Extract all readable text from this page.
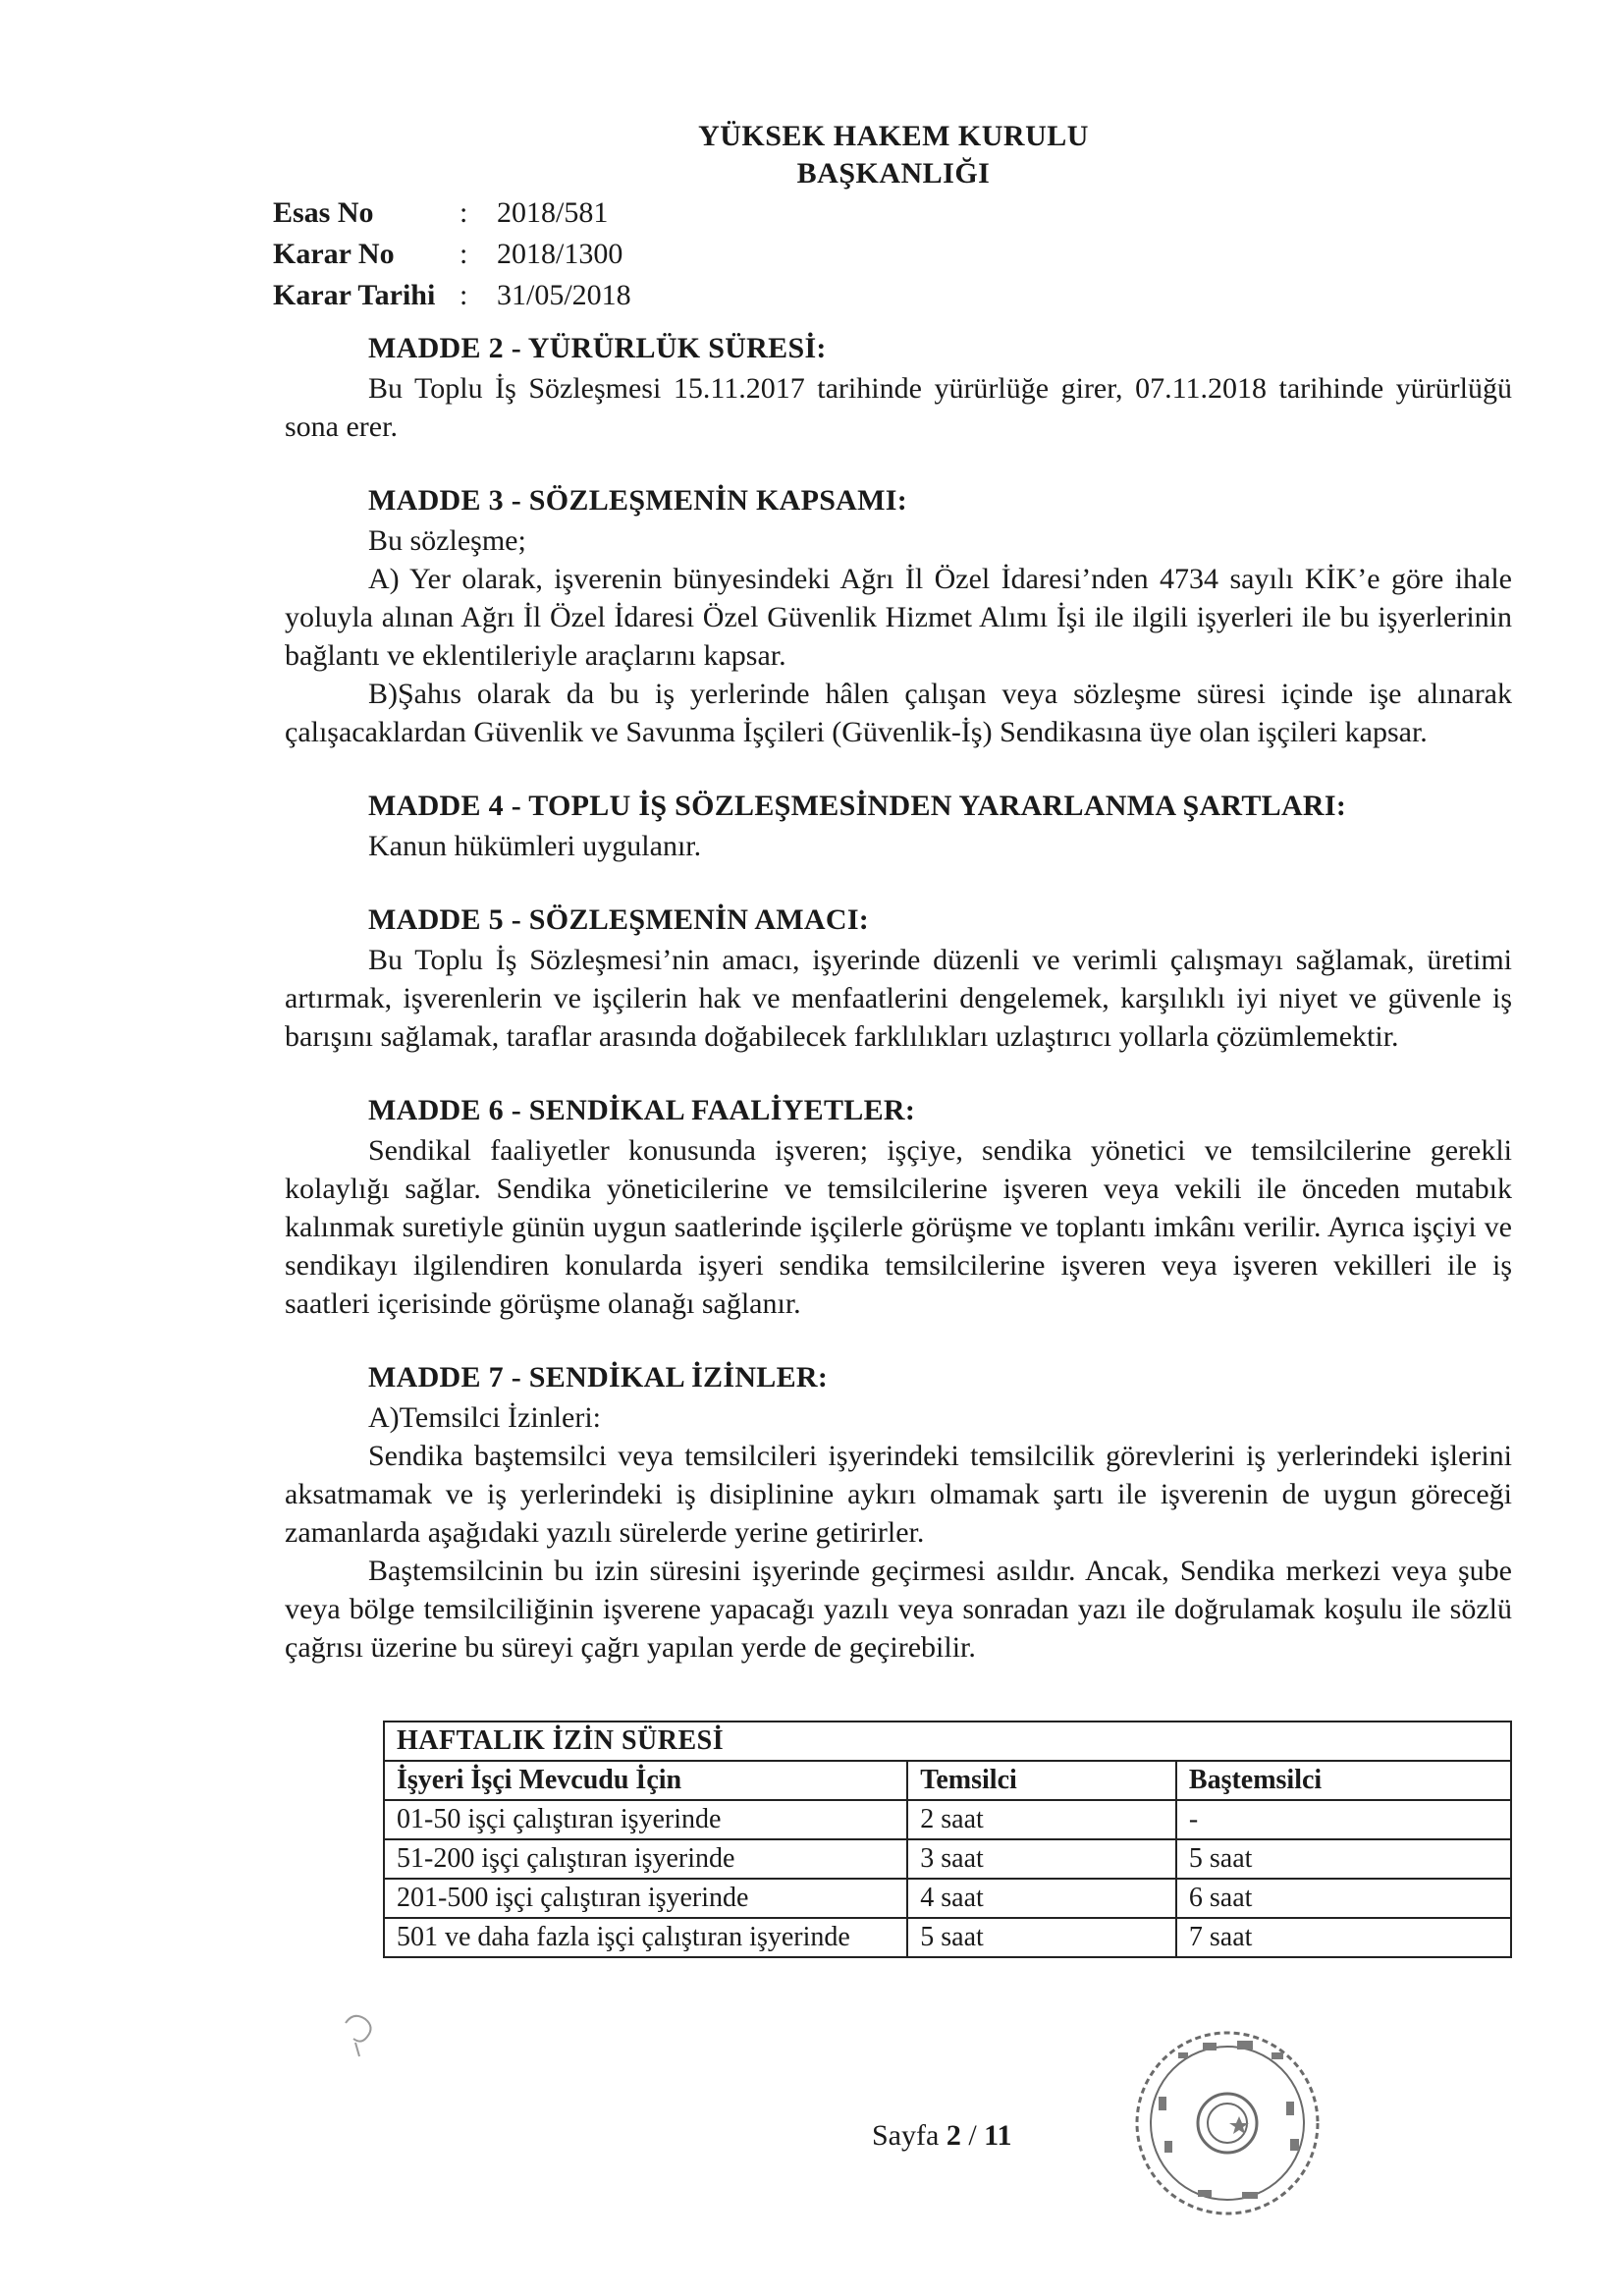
YÜKSEK HAKEM KURULU
BAŞKANLIĞI
Esas No	: 2018/581
Karar No	: 2018/1300
Karar Tarihi : 31/05/2018
MADDE 2 - YÜRÜRLÜK SÜRESİ:

Bu Toplu İş Sözleşmesi 15.11.2017 tarihinde yürürlüğe girer, 07.11.2018 tarihinde yürürlüğü sona erer.

MADDE 3 - SÖZLEŞMENİN KAPSAMI:

Bu sözleşme;

A) Yer olarak, işverenin bünyesindeki Ağrı İl Özel İdaresi’nden 4734 sayılı KİK’e göre ihale yoluyla alınan Ağrı İl Özel İdaresi Özel Güvenlik Hizmet Alımı İşi ile ilgili işyerleri ile bu işyerlerinin bağlantı ve eklentileriyle araçlarını kapsar.

B)Şahıs olarak da bu iş yerlerinde hâlen çalışan veya sözleşme süresi içinde işe alınarak çalışacaklardan Güvenlik ve Savunma İşçileri (Güvenlik-İş) Sendikasına üye olan işçileri kapsar.

MADDE 4 - TOPLU İŞ SÖZLEŞMESİNDEN YARARLANMA ŞARTLARI:

Kanun hükümleri uygulanır.

MADDE 5 - SÖZLEŞMENİN AMACI:

Bu Toplu İş Sözleşmesi’nin amacı, işyerinde düzenli ve verimli çalışmayı sağlamak, üretimi artırmak, işverenlerin ve işçilerin hak ve menfaatlerini dengelemek, karşılıklı iyi niyet ve güvenle iş barışını sağlamak, taraflar arasında doğabilecek farklılıkları uzlaştırıcı yollarla çözümlemektir.

MADDE 6 - SENDİKAL FAALİYETLER:

Sendikal faaliyetler konusunda işveren; işçiye, sendika yönetici ve temsilcilerine gerekli kolaylığı sağlar. Sendika yöneticilerine ve temsilcilerine işveren veya vekili ile önceden mutabık kalınmak suretiyle günün uygun saatlerinde işçilerle görüşme ve toplantı imkânı verilir. Ayrıca işçiyi ve sendikayı ilgilendiren konularda işyeri sendika temsilcilerine işveren veya işveren vekilleri ile iş saatleri içerisinde görüşme olanağı sağlanır.

MADDE 7 - SENDİKAL İZİNLER:

A)Temsilci İzinleri:

Sendika baştemsilci veya temsilcileri işyerindeki temsilcilik görevlerini iş yerlerindeki işlerini aksatmamak ve iş yerlerindeki iş disiplinine aykırı olmamak şartı ile işverenin de uygun göreceği zamanlarda aşağıdaki yazılı sürelerde yerine getirirler.

Baştemsilcinin bu izin süresini işyerinde geçirmesi asıldır. Ancak, Sendika merkezi veya şube veya bölge temsilciliğinin işverene yapacağı yazılı veya sonradan yazı ile doğrulamak koşulu ile sözlü çağrısı üzerine bu süreyi çağrı yapılan yerde de geçirebilir.

HAFTALIK İZİN SÜRESİ		
İşyeri İşçi Mevcudu İçin	Temsilci	Baştemsilci
01-50 işçi çalıştıran işyerinde	2 saat	-
51-200 işçi çalıştıran işyerinde	3 saat	5 saat
201-500 işçi çalıştıran işyerinde	4 saat	6 saat
501 ve daha fazla işçi çalıştıran işyerinde	5 saat	7 saat
Sayfa 2 / 11
